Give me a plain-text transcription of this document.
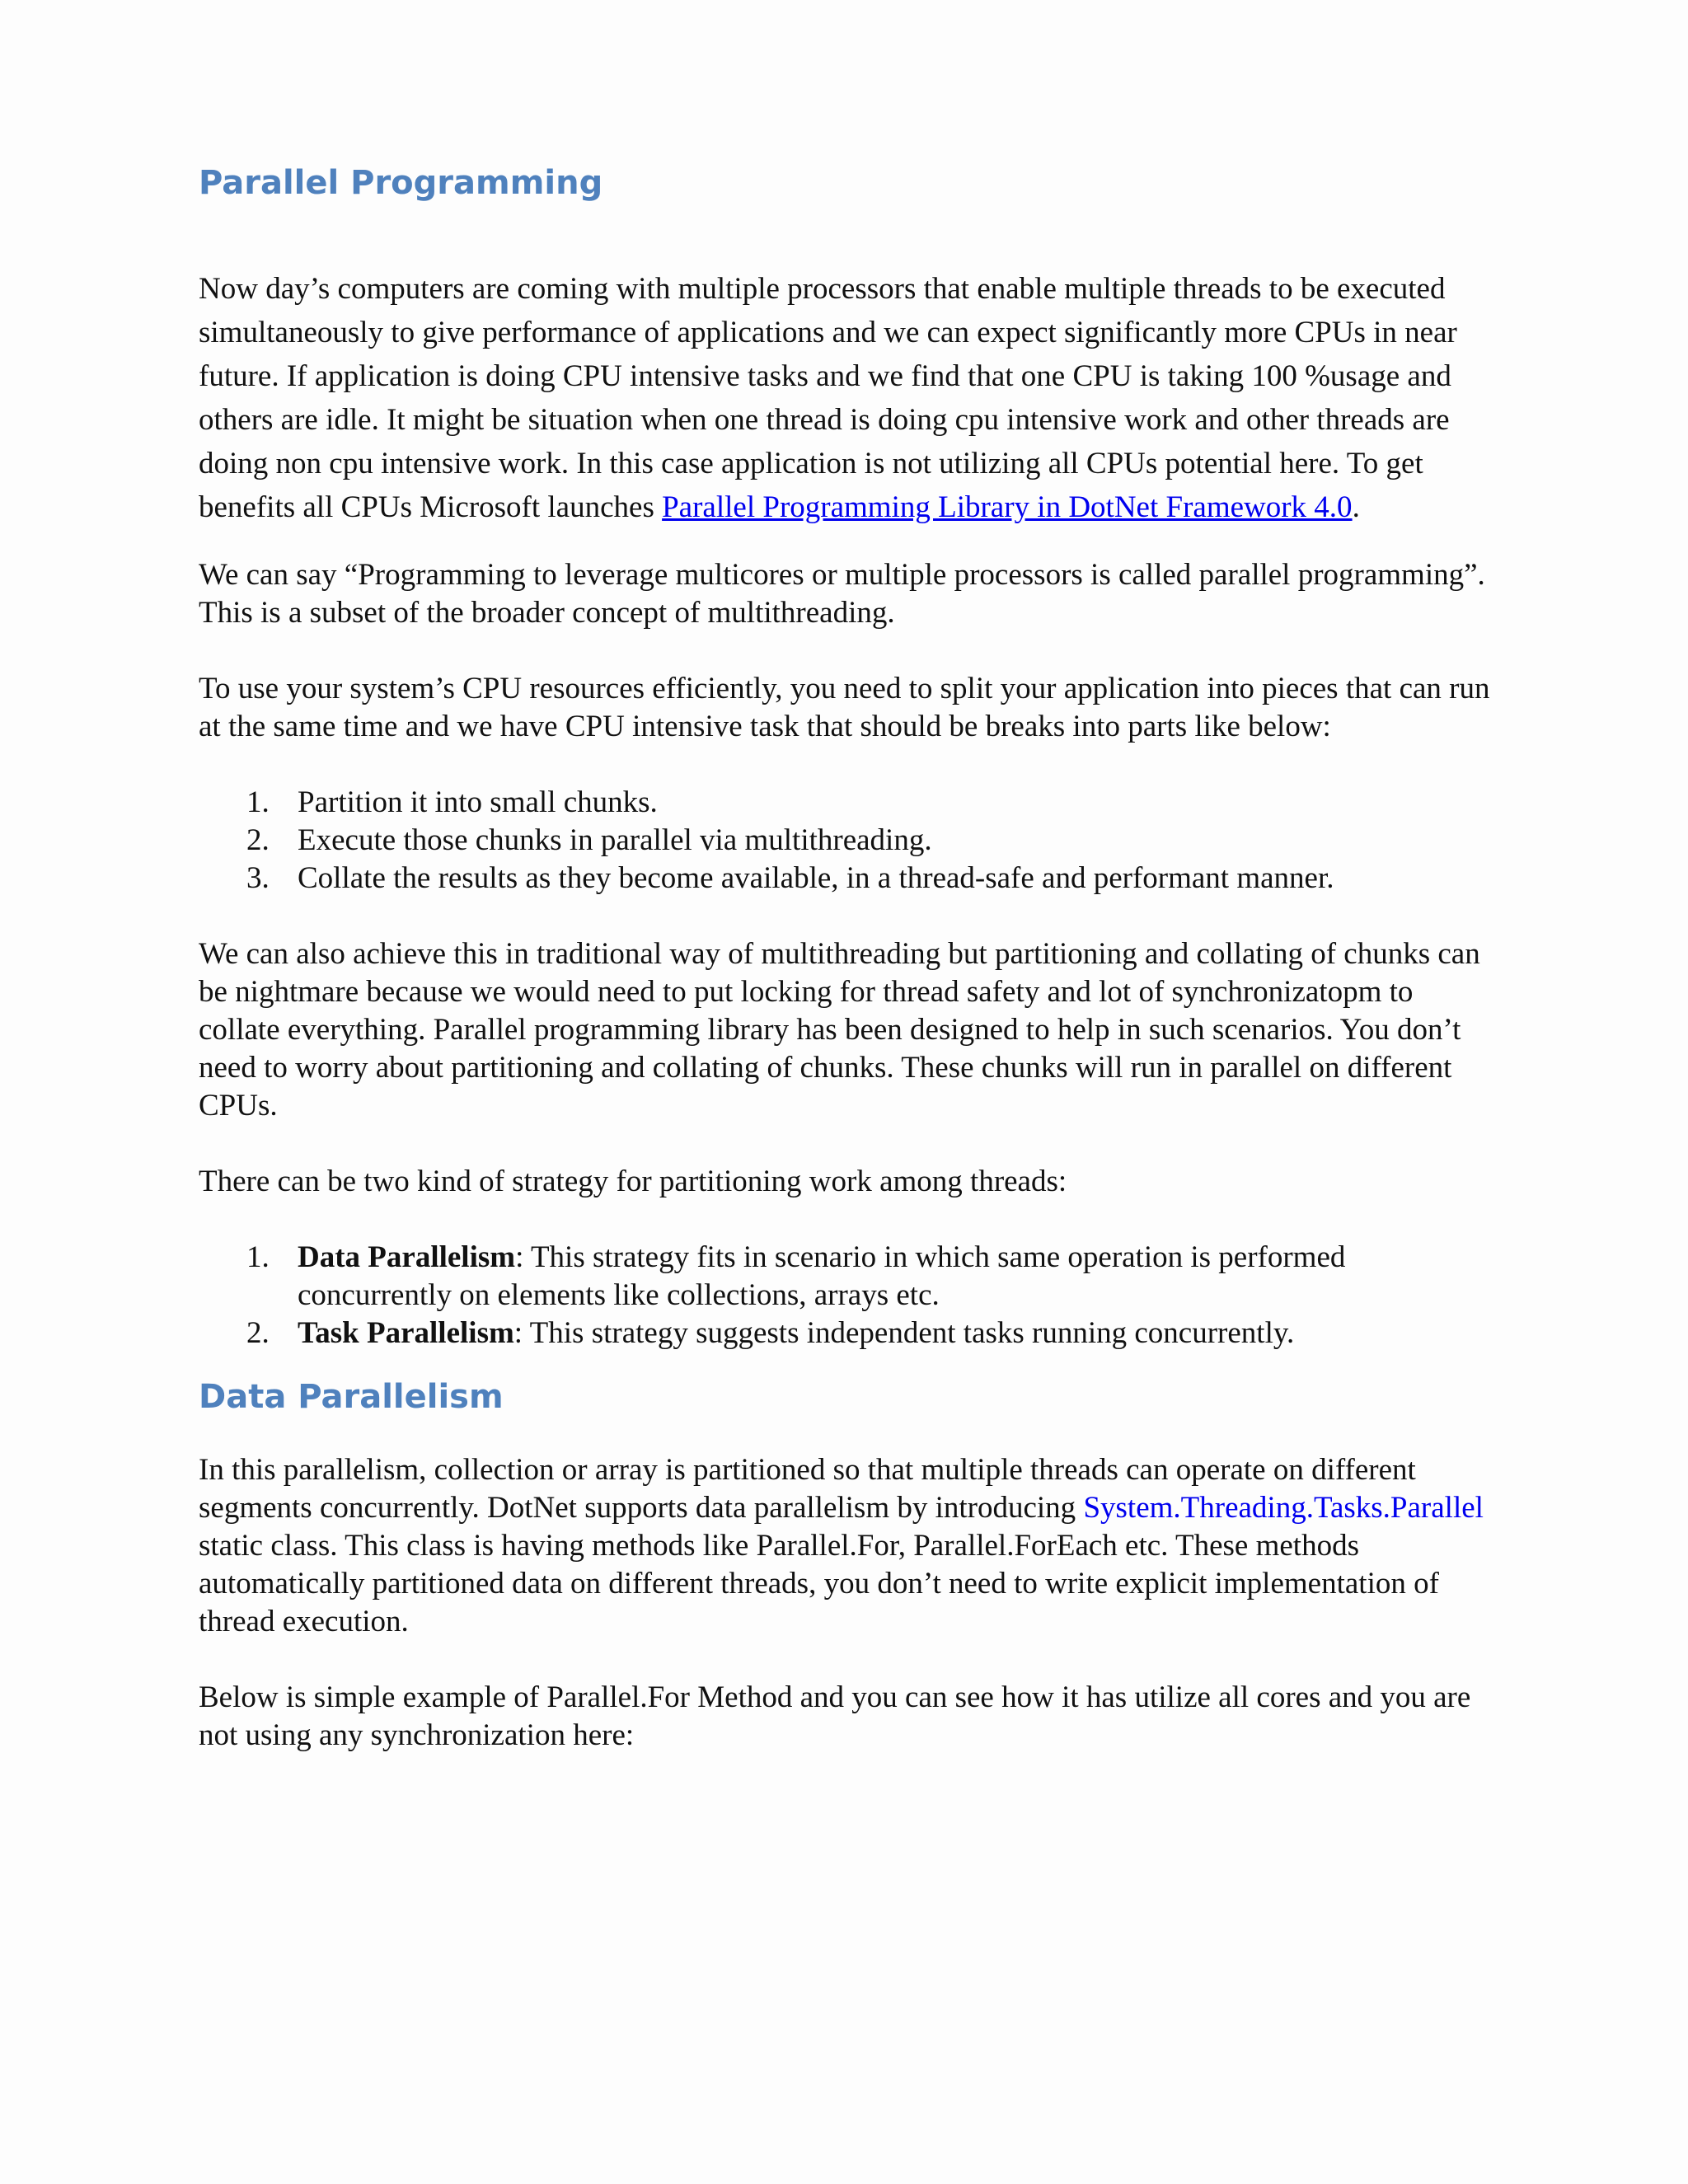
Parallel Programming

Now day’s computers are coming with multiple processors that enable multiple threads to be executed simultaneously to give performance of applications and we can expect significantly more CPUs in near future. If application is doing CPU intensive tasks and we find that one CPU is taking 100 %usage and others are idle. It might be situation when one thread is doing cpu intensive work and other threads are doing non cpu intensive work. In this case application is not utilizing all CPUs potential here. To get benefits all CPUs Microsoft launches Parallel Programming Library in DotNet Framework 4.0.

We can say “Programming to leverage multicores or multiple processors is called parallel programming”. This is a subset of the broader concept of multithreading.

To use your system’s CPU resources efficiently, you need to split your application into pieces that can run at the same time and we have CPU intensive task that should be breaks into parts like below:

1. Partition it into small chunks.
2. Execute those chunks in parallel via multithreading.
3. Collate the results as they become available, in a thread-safe and performant manner.

We can also achieve this in traditional way of multithreading but partitioning and collating of chunks can be nightmare because we would need to put locking for thread safety and lot of synchronizatopm to collate everything. Parallel programming library has been designed to help in such scenarios. You don’t need to worry about partitioning and collating of chunks. These chunks will run in parallel on different CPUs.

There can be two kind of strategy for partitioning work among threads:

1. Data Parallelism: This strategy fits in scenario in which same operation is performed concurrently on elements like collections, arrays etc.
2. Task Parallelism: This strategy suggests independent tasks running concurrently.
Data Parallelism

In this parallelism, collection or array is partitioned so that multiple threads can operate on different segments concurrently. DotNet supports data parallelism by introducing System.Threading.Tasks.Parallel static class. This class is having methods like Parallel.For, Parallel.ForEach etc. These methods automatically partitioned data on different threads, you don’t need to write explicit implementation of thread execution.

Below is simple example of Parallel.For Method and you can see how it has utilize all cores and you are not using any synchronization here:
